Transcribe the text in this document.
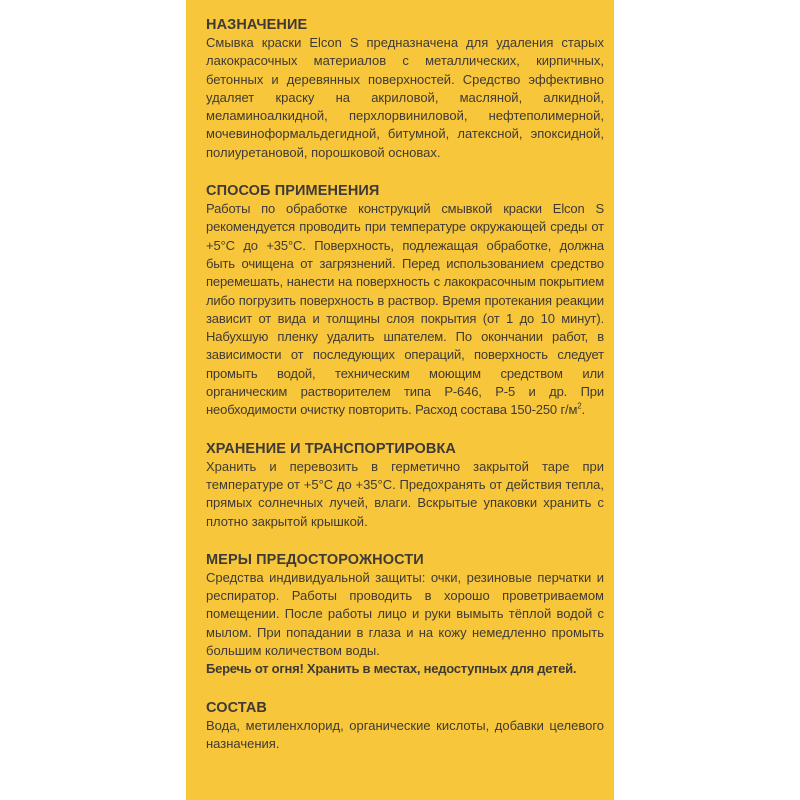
НАЗНАЧЕНИЕ

Смывка краски Elcon S предназначена для удаления старых лакокрасочных материалов с металлических, кирпичных, бетонных и деревянных поверхностей. Средство эффективно удаляет краску на акриловой, масляной, алкидной, меламиноалкидной, перхлорвиниловой, нефтеполимерной, мочевиноформальдегидной, битумной, латексной, эпоксидной, полиуретановой, порошковой основах.

СПОСОБ ПРИМЕНЕНИЯ

Работы по обработке конструкций смывкой краски Elcon S рекомендуется проводить при температуре окружающей среды от +5°С до +35°С. Поверхность, подлежащая обработке, должна быть очищена от загрязнений. Перед использованием средство перемешать, нанести на поверхность с лакокрасочным покрытием либо погрузить поверхность в раствор. Время протекания реакции зависит от вида и толщины слоя покрытия (от 1 до 10 минут). Набухшую пленку удалить шпателем. По окончании работ, в зависимости от последующих операций, поверхность следует промыть водой, техническим моющим средством или органическим растворителем типа Р-646, Р-5 и др. При необходимости очистку повторить. Расход состава 150-250 $г/м^2$.

ХРАНЕНИЕ И ТРАНСПОРТИРОВКА

Хранить и перевозить в герметично закрытой таре при температуре от +5°С до +35°С. Предохранять от действия тепла, прямых солнечных лучей, влаги. Вскрытые упаковки хранить с плотно закрытой крышкой.

МЕРЫ ПРЕДОСТОРОЖНОСТИ

Средства индивидуальной защиты: очки, резиновые перчатки и респиратор. Работы проводить в хорошо проветриваемом помещении. После работы лицо и руки вымыть тёплой водой с мылом. При попадании в глаза и на кожу немедленно промыть большим количеством воды.

Беречь от огня! Хранить в местах, недоступных для детей.

СОСТАВ

Вода, метиленхлорид, органические кислоты, добавки целевого назначения.
